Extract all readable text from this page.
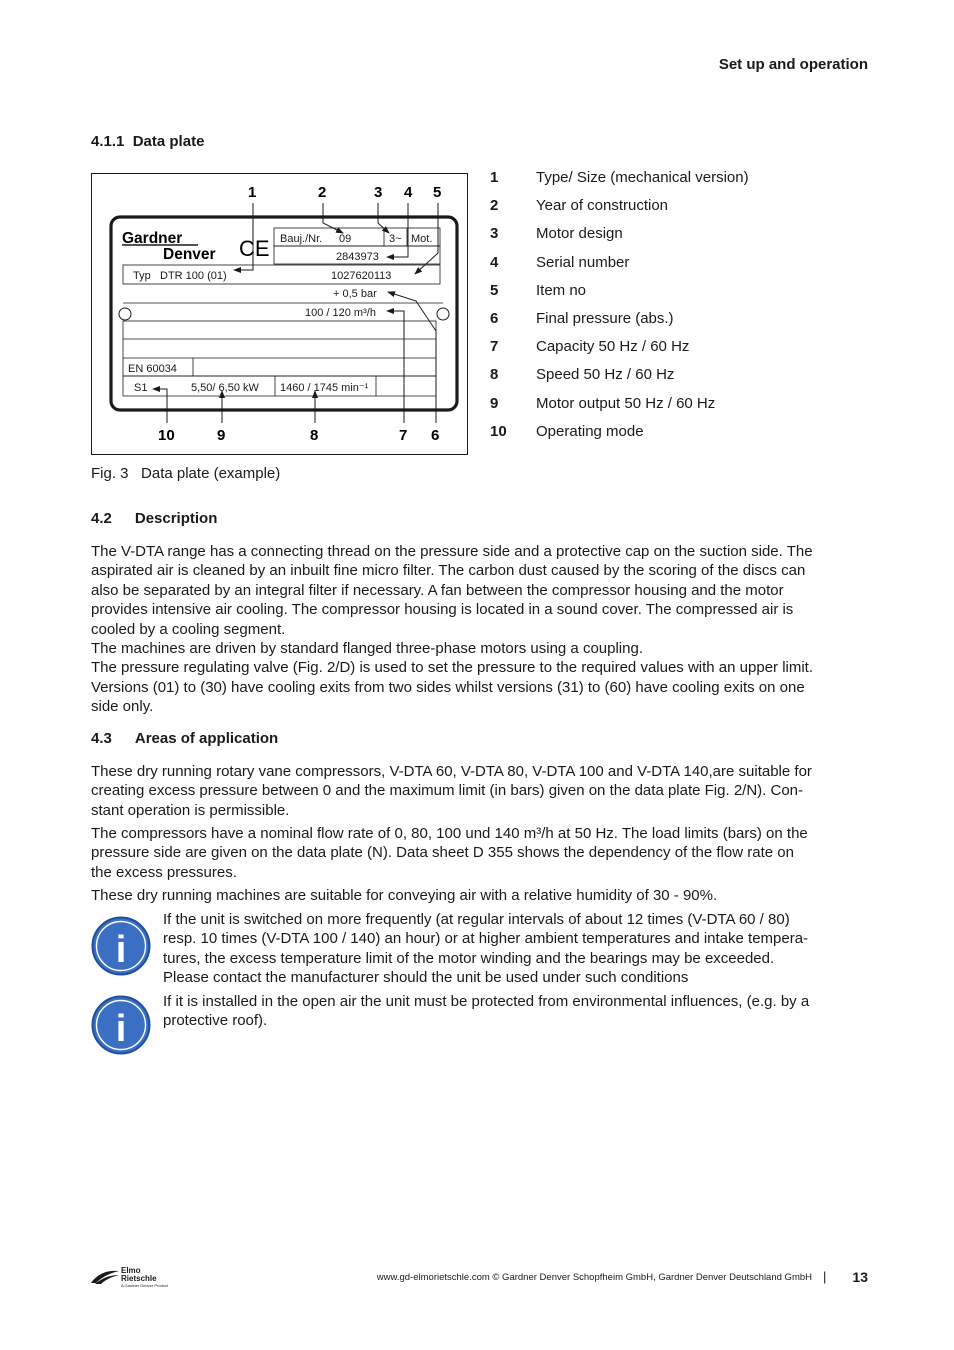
Set up and operation
4.1.1 Data plate
Gardner
Denver CE Bauj./Nr. 09	3~ Mot.
2843973
Typ DTR 100 (01)	1027620113
+ 0,5 bar
100 / 120 m³/h
EN 60034
S1	5,50/ 6,50 kW 1460 / 1745 min⁻¹
1	2	3 4 5
10	9	8	7 6
Fig. 3 Data plate (example)
1	Type/ Size (mechanical version)
2	Year of construction
3	Motor design
4	Serial number
5	Item no
6	Final pressure (abs.)
7	Capacity 50 Hz / 60 Hz
8	Speed 50 Hz / 60 Hz
9	Motor output 50 Hz / 60 Hz
10	Operating mode
4.2 Description
The V-DTA range has a connecting thread on the pressure side and a protective cap on the suction side. The
aspirated air is cleaned by an inbuilt fine micro filter. The carbon dust caused by the scoring of the discs can
also be separated by an integral filter if necessary. A fan between the compressor housing and the motor
provides intensive air cooling. The compressor housing is located in a sound cover. The compressed air is
cooled by a cooling segment.
The machines are driven by standard flanged three-phase motors using a coupling.
The pressure regulating valve (Fig. 2/D) is used to set the pressure to the required values with an upper limit.
Versions (01) to (30) have cooling exits from two sides whilst versions (31) to (60) have cooling exits on one
side only.
4.3 Areas of application
These dry running rotary vane compressors, V-DTA 60, V-DTA 80, V-DTA 100 and V-DTA 140,are suitable for
creating excess pressure between 0 and the maximum limit (in bars) given on the data plate Fig. 2/N). Con-
stant operation is permissible.
The compressors have a nominal flow rate of 0, 80, 100 und 140 m³/h at 50 Hz. The load limits (bars) on the
pressure side are given on the data plate (N). Data sheet D 355 shows the dependency of the flow rate on
the excess pressures.
These dry running machines are suitable for conveying air with a relative humidity of 30 - 90%.
i
If the unit is switched on more frequently (at regular intervals of about 12 times (V-DTA 60 / 80)
resp. 10 times (V-DTA 100 / 140) an hour) or at higher ambient temperatures and intake tempera-
tures, the excess temperature limit of the motor winding and the bearings may be exceeded.
Please contact the manufacturer should the unit be used under such conditions
i
If it is installed in the open air the unit must be protected from environmental influences, (e.g. by a
protective roof).
Elmo
Rietschle
A Gardner Denver Product
www.gd-elmorietschle.com © Gardner Denver Schopfheim GmbH, Gardner Denver Deutschland GmbH | 13
